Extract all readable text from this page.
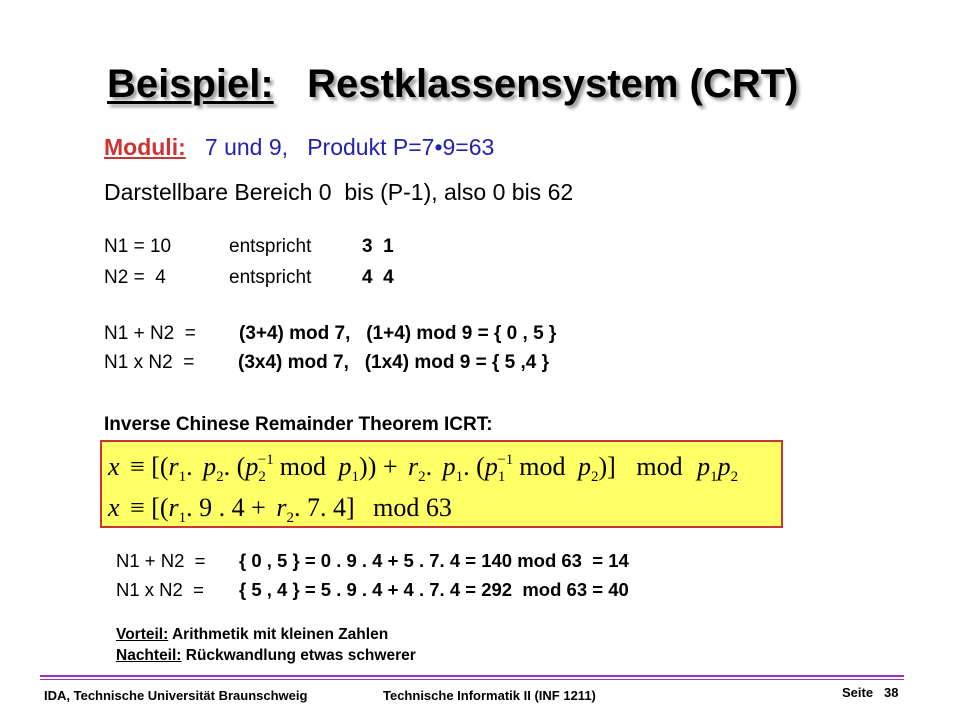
Beispiel: Restklassensystem (CRT)
Moduli: 7 und 9,   Produkt P=7•9=63
Darstellbare Bereich 0  bis (P-1), also 0 bis 62
N1 = 10	entspricht	3  1
N2 =  4	entspricht	4  4
N1 + N2  = (3+4) mod 7,   (1+4) mod 9 = { 0 , 5 }
N1 x N2  = (3x4) mod 7,   (1x4) mod 9 = { 5 ,4 }
Inverse Chinese Remainder Theorem ICRT:
$x \equiv [(r_1$. $p_2$. ($p_2-1$ mod $p_1)) + r_2$. $p_1$. ($p_1-1$ mod $p_2$)] mod $p_1p_2$
$x \equiv [(r_1$. 9 . $4 + r_2$. 7. 4] mod 63
N1 + N2  = { 0 , 5 } = 0 . 9 . 4 + 5 . 7. 4 = 140 mod 63  = 14
N1 x N2  = { 5 , 4 } = 5 . 9 . 4 + 4 . 7. 4 = 292  mod 63 = 40
Vorteil: Arithmetik mit kleinen Zahlen
Nachteil: Rückwandlung etwas schwerer
IDA, Technische Universität Braunschweig	Technische Informatik II (INF 1211)	Seite 38
